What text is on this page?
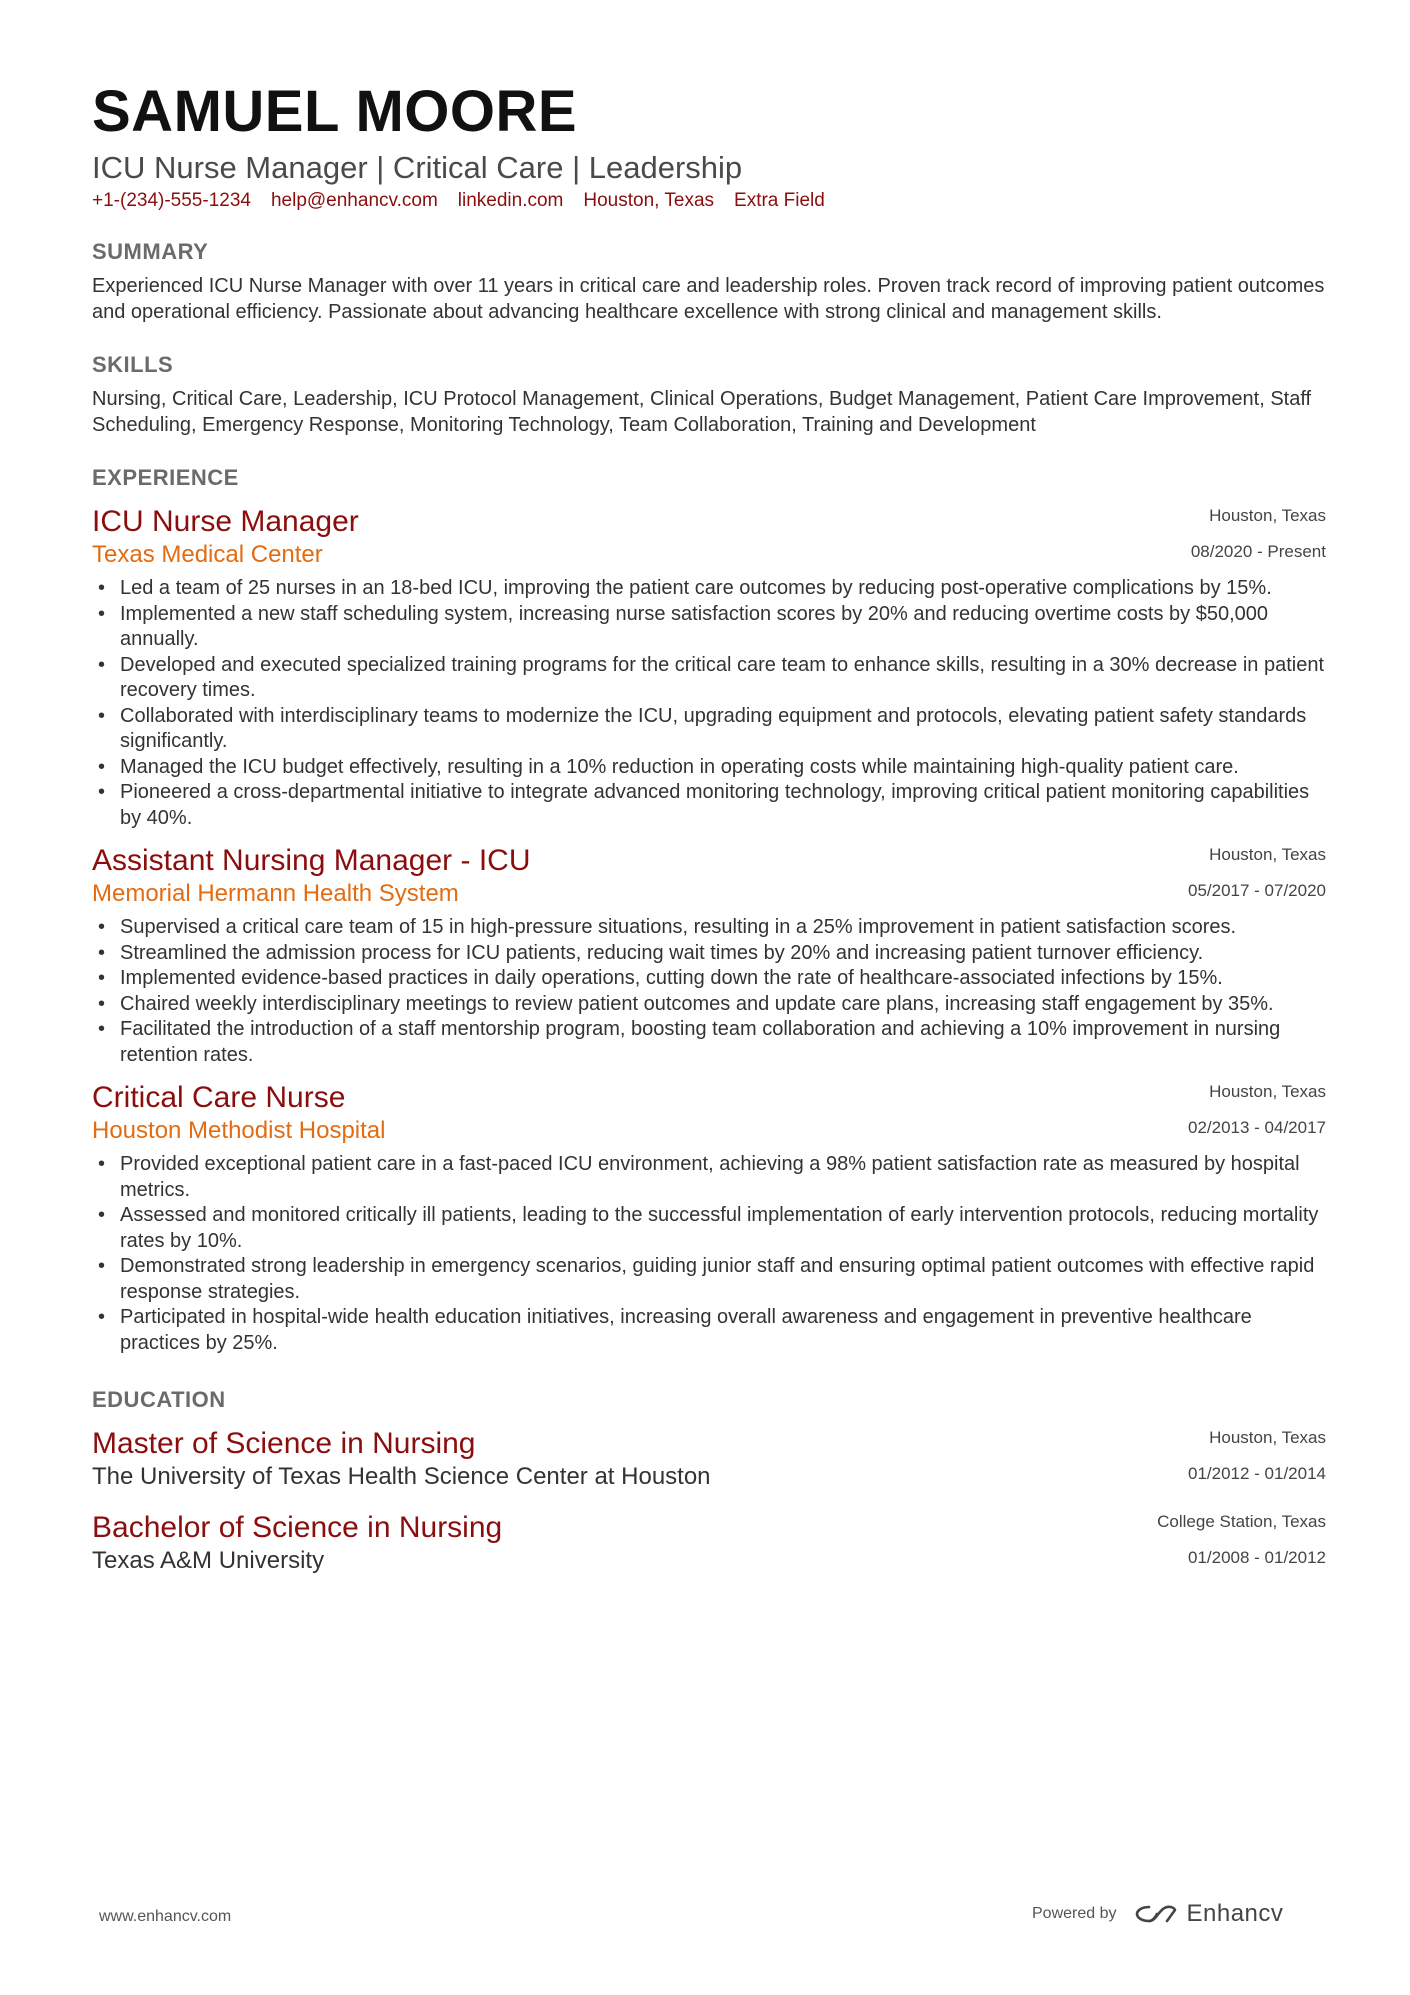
SAMUEL MOORE
ICU Nurse Manager | Critical Care | Leadership
+1-(234)-555-1234 help@enhancv.com linkedin.com Houston, Texas Extra Field
SUMMARY
Experienced ICU Nurse Manager with over 11 years in critical care and leadership roles. Proven track record of improving patient outcomes and operational efficiency. Passionate about advancing healthcare excellence with strong clinical and management skills.
SKILLS
Nursing, Critical Care, Leadership, ICU Protocol Management, Clinical Operations, Budget Management, Patient Care Improvement, Staff Scheduling, Emergency Response, Monitoring Technology, Team Collaboration, Training and Development
EXPERIENCE
ICU Nurse Manager
Texas Medical Center
Houston, Texas
08/2020 - Present
• Led a team of 25 nurses in an 18-bed ICU, improving the patient care outcomes by reducing post-operative complications by 15%.
• Implemented a new staff scheduling system, increasing nurse satisfaction scores by 20% and reducing overtime costs by $50,000 annually.
• Developed and executed specialized training programs for the critical care team to enhance skills, resulting in a 30% decrease in patient recovery times.
• Collaborated with interdisciplinary teams to modernize the ICU, upgrading equipment and protocols, elevating patient safety standards significantly.
• Managed the ICU budget effectively, resulting in a 10% reduction in operating costs while maintaining high-quality patient care.
• Pioneered a cross-departmental initiative to integrate advanced monitoring technology, improving critical patient monitoring capabilities by 40%.
Assistant Nursing Manager - ICU
Memorial Hermann Health System
Houston, Texas
05/2017 - 07/2020
• Supervised a critical care team of 15 in high-pressure situations, resulting in a 25% improvement in patient satisfaction scores.
• Streamlined the admission process for ICU patients, reducing wait times by 20% and increasing patient turnover efficiency.
• Implemented evidence-based practices in daily operations, cutting down the rate of healthcare-associated infections by 15%.
• Chaired weekly interdisciplinary meetings to review patient outcomes and update care plans, increasing staff engagement by 35%.
• Facilitated the introduction of a staff mentorship program, boosting team collaboration and achieving a 10% improvement in nursing retention rates.
Critical Care Nurse
Houston Methodist Hospital
Houston, Texas
02/2013 - 04/2017
• Provided exceptional patient care in a fast-paced ICU environment, achieving a 98% patient satisfaction rate as measured by hospital metrics.
• Assessed and monitored critically ill patients, leading to the successful implementation of early intervention protocols, reducing mortality rates by 10%.
• Demonstrated strong leadership in emergency scenarios, guiding junior staff and ensuring optimal patient outcomes with effective rapid response strategies.
• Participated in hospital-wide health education initiatives, increasing overall awareness and engagement in preventive healthcare practices by 25%.
EDUCATION
Master of Science in Nursing
The University of Texas Health Science Center at Houston
Houston, Texas
01/2012 - 01/2014
Bachelor of Science in Nursing
Texas A&M University
College Station, Texas
01/2008 - 01/2012
www.enhancv.com	Powered by	Enhancv
